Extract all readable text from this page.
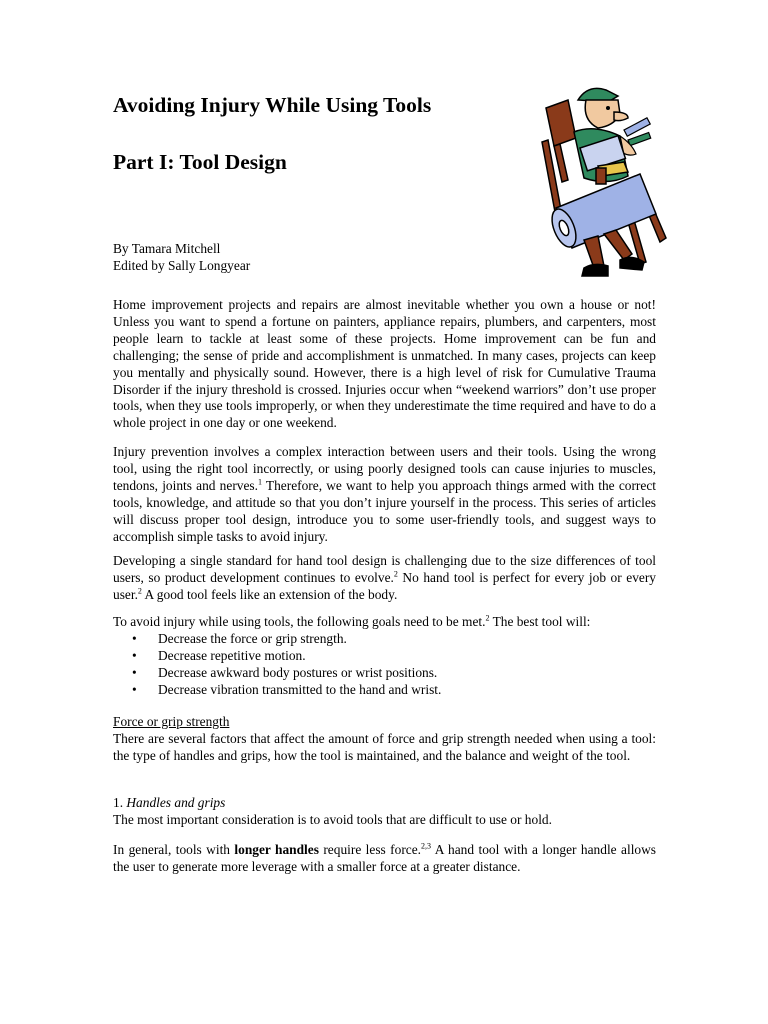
Avoiding Injury While Using Tools
Part I: Tool Design
By Tamara Mitchell
Edited by Sally Longyear

Home improvement projects and repairs are almost inevitable whether you own a house or not! Unless you want to spend a fortune on painters, appliance repairs, plumbers, and carpenters, most people learn to tackle at least some of these projects. Home improvement can be fun and challenging; the sense of pride and accomplishment is unmatched. In many cases, projects can keep you mentally and physically sound. However, there is a high level of risk for Cumulative Trauma Disorder if the injury threshold is crossed. Injuries occur when “weekend warriors” don’t use proper tools, when they use tools improperly, or when they underestimate the time required and have to do a whole project in one day or one weekend.

Injury prevention involves a complex interaction between users and their tools. Using the wrong tool, using the right tool incorrectly, or using poorly designed tools can cause injuries to muscles, tendons, joints and nerves.$^1$ Therefore, we want to help you approach things armed with the correct tools, knowledge, and attitude so that you don’t injure yourself in the process. This series of articles will discuss proper tool design, introduce you to some user-friendly tools, and suggest ways to accomplish simple tasks to avoid injury.

Developing a single standard for hand tool design is challenging due to the size differences of tool users, so product development continues to evolve.$^2$ No hand tool is perfect for every job or every user.$^2$ A good tool feels like an extension of the body.

To avoid injury while using tools, the following goals need to be met.$^2$ The best tool will:

• Decrease the force or grip strength.
• Decrease repetitive motion.
• Decrease awkward body postures or wrist positions.
• Decrease vibration transmitted to the hand and wrist.

Force or grip strength

There are several factors that affect the amount of force and grip strength needed when using a tool: the type of handles and grips, how the tool is maintained, and the balance and weight of the tool.

1. Handles and grips

The most important consideration is to avoid tools that are difficult to use or hold.

In general, tools with longer handles require less force.$^{2,3}$ A hand tool with a longer handle allows the user to generate more leverage with a smaller force at a greater distance.
